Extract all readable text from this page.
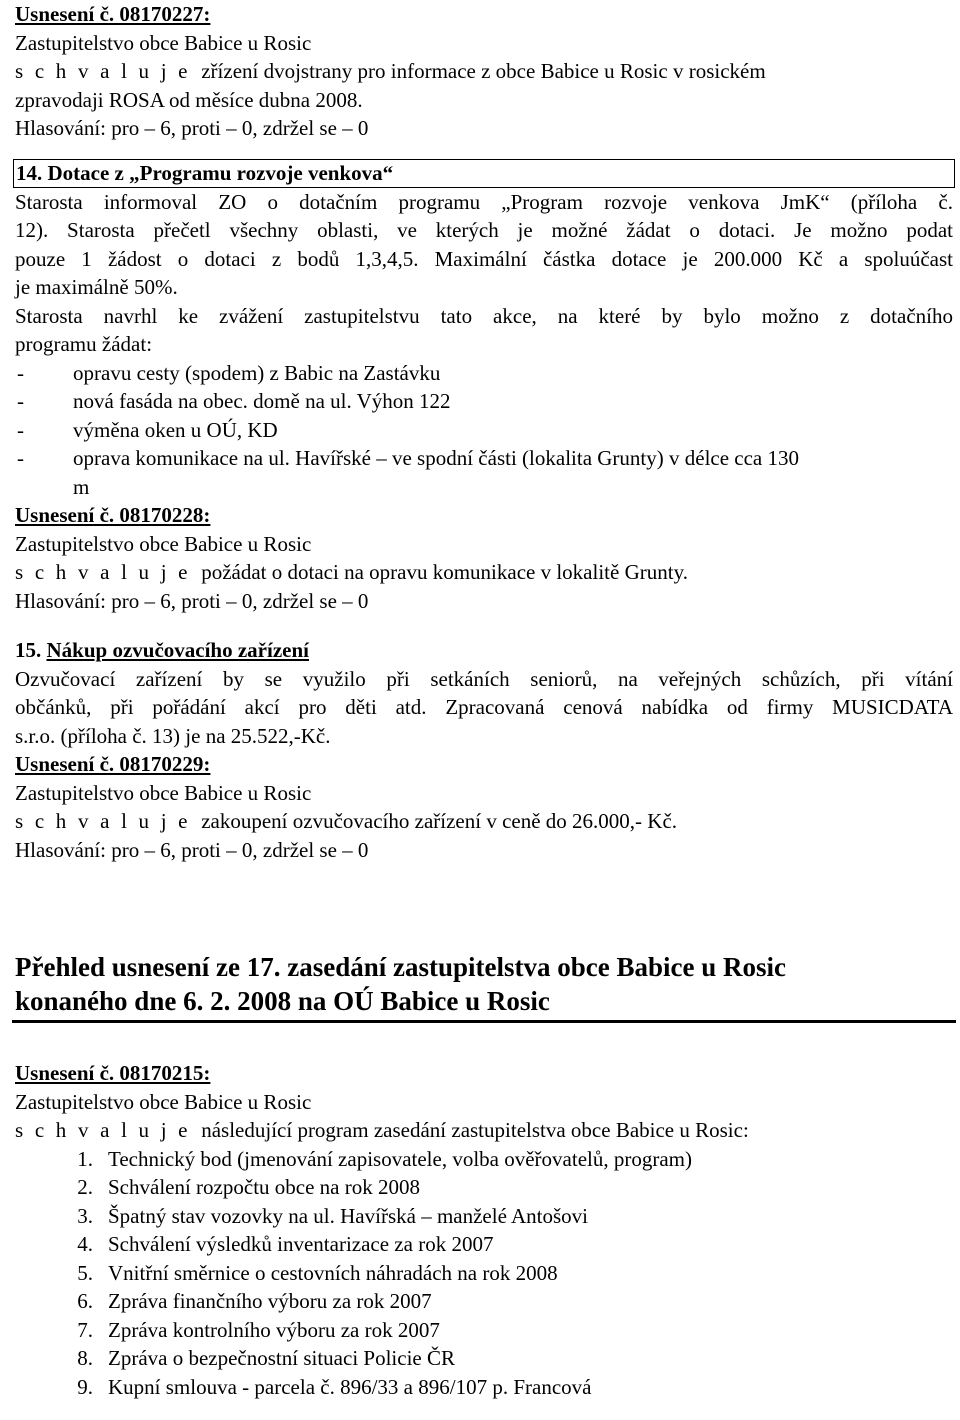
Usnesení č. 08170227:
Zastupitelstvo obce Babice u Rosic
s c h v a l u j e zřízení dvojstrany pro informace z obce Babice u Rosic v rosickém
zpravodaji ROSA od měsíce dubna 2008.
Hlasování: pro – 6, proti – 0, zdržel se – 0
14. Dotace z „Programu rozvoje venkova“
Starosta informoval ZO o dotačním programu „Program rozvoje venkova JmK“ (příloha č.
12). Starosta přečetl všechny oblasti, ve kterých je možné žádat o dotaci. Je možno podat
pouze 1 žádost o dotaci z bodů 1,3,4,5. Maximální částka dotace je 200.000 Kč a spoluúčast
je maximálně 50%.
Starosta navrhl ke zvážení zastupitelstvu tato akce, na které by bylo možno z dotačního
programu žádat:
-	opravu cesty (spodem) z Babic na Zastávku
-	nová fasáda na obec. domě na ul. Výhon 122
-	výměna oken u OÚ, KD
-	oprava komunikace na ul. Havířské – ve spodní části (lokalita Grunty) v délce cca 130
m
Usnesení č. 08170228:
Zastupitelstvo obce Babice u Rosic
s c h v a l u j e požádat o dotaci na opravu komunikace v lokalitě Grunty.
Hlasování: pro – 6, proti – 0, zdržel se – 0
15. Nákup ozvučovacího zařízení
Ozvučovací zařízení by se využilo při setkáních seniorů, na veřejných schůzích, při vítání
občánků, při pořádání akcí pro děti atd. Zpracovaná cenová nabídka od firmy MUSICDATA
s.r.o. (příloha č. 13) je na 25.522,-Kč.
Usnesení č. 08170229:
Zastupitelstvo obce Babice u Rosic
s c h v a l u j e zakoupení ozvučovacího zařízení v ceně do 26.000,- Kč.
Hlasování: pro – 6, proti – 0, zdržel se – 0
Přehled usnesení ze 17. zasedání zastupitelstva obce Babice u Rosic
konaného dne 6. 2. 2008 na OÚ Babice u Rosic
Usnesení č. 08170215:
Zastupitelstvo obce Babice u Rosic
s c h v a l u j e následující program zasedání zastupitelstva obce Babice u Rosic:
1. Technický bod (jmenování zapisovatele, volba ověřovatelů, program)
2. Schválení rozpočtu obce na rok 2008
3. Špatný stav vozovky na ul. Havířská – manželé Antošovi
4. Schválení výsledků inventarizace za rok 2007
5. Vnitřní směrnice o cestovních náhradách na rok 2008
6. Zpráva finančního výboru za rok 2007
7. Zpráva kontrolního výboru za rok 2007
8. Zpráva o bezpečnostní situaci Policie ČR
9. Kupní smlouva - parcela č. 896/33 a 896/107 p. Francová
